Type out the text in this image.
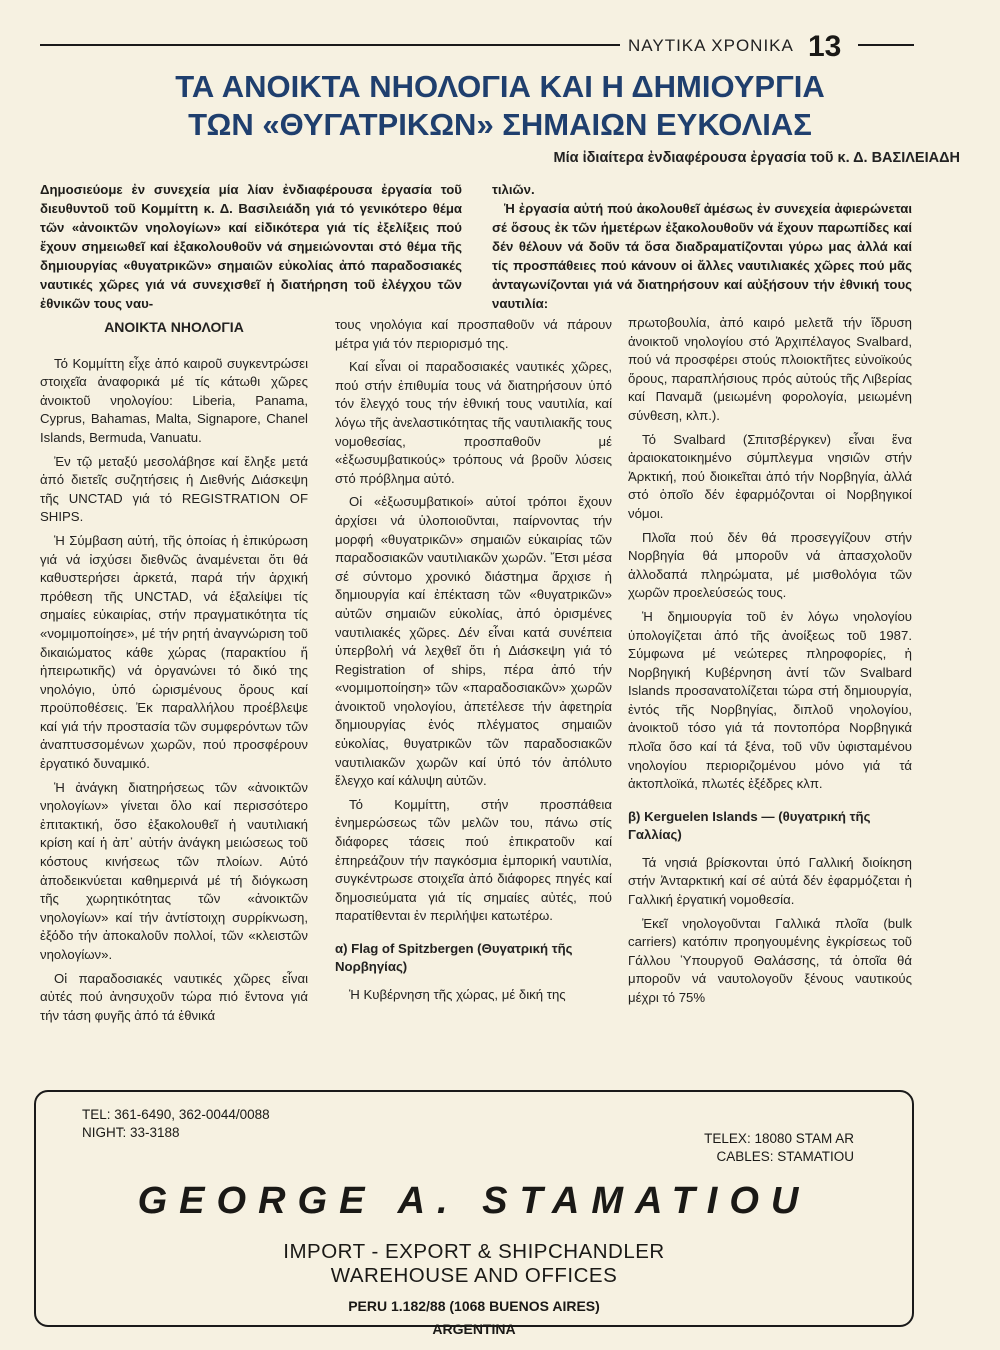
ΝΑΥΤΙΚΑ ΧΡΟΝΙΚΑ 13
ΤΑ ΑΝΟΙΚΤΑ ΝΗΟΛΟΓΙΑ ΚΑΙ Η ΔΗΜΙΟΥΡΓΙΑ
ΤΩΝ «ΘΥΓΑΤΡΙΚΩΝ» ΣΗΜΑΙΩΝ ΕΥΚΟΛΙΑΣ
Μία ἰδιαίτερα ἐνδιαφέρουσα ἐργασία τοῦ κ. Δ. ΒΑΣΙΛΕΙΑΔΗ

Δημοσιεύομε ἐν συνεχεία μία λίαν ἐνδιαφέρουσα ἐργασία τοῦ διευθυντοῦ τοῦ Κομμίττη κ. Δ. Βασιλειάδη γιά τό γενικότερο θέμα τῶν «ἀνοικτῶν νηολογίων» καί εἰδικότερα γιά τίς ἐξελίξεις πού ἔχουν σημειωθεῖ καί ἐξακολουθοῦν νά σημειώνονται στό θέμα τῆς δημιουργίας «θυγατρικῶν» σημαιῶν εὐκολίας ἀπό παραδοσιακές ναυτικές χῶρες γιά νά συνεχισθεῖ ἡ διατήρηση τοῦ ἐλέγχου τῶν ἐθνικῶν τους ναυ-

τιλιῶν.

Ἡ ἐργασία αὐτή πού ἀκολουθεῖ ἀμέσως ἐν συνεχεία ἀφιερώνεται σέ ὅσους ἐκ τῶν ἡμετέρων ἐξακολουθοῦν νά ἔχουν παρωπίδες καί δέν θέλουν νά δοῦν τά ὅσα διαδραματίζονται γύρω μας ἀλλά καί τίς προσπάθειες πού κάνουν οἱ ἄλλες ναυτιλιακές χῶρες πού μᾶς ἀνταγωνίζονται γιά νά διατηρήσουν καί αὐξήσουν τήν ἐθνική τους ναυτιλία:

ΑΝΟΙΚΤΑ ΝΗΟΛΟΓΙΑ

Τό Κομμίττη εἶχε ἀπό καιροῦ συγκεντρώσει στοιχεῖα ἀναφορικά μέ τίς κάτωθι χῶρες ἀνοικτοῦ νηολογίου: Liberia, Panama, Cyprus, Bahamas, Malta, Signapore, Chanel Islands, Bermuda, Vanuatu.

Ἐν τῷ μεταξύ μεσολάβησε καί ἔληξε μετά ἀπό διετεῖς συζητήσεις ἡ Διεθνής Διάσκεψη τῆς UNCTAD γιά τό REGISTRATION OF SHIPS.

Ἡ Σύμβαση αὐτή, τῆς ὁποίας ἡ ἐπικύρωση γιά νά ἰσχύσει διεθνῶς ἀναμένεται ὅτι θά καθυστερήσει ἀρκετά, παρά τήν ἀρχική πρόθεση τῆς UNCTAD, νά ἐξαλείψει τίς σημαίες εὐκαιρίας, στήν πραγματικότητα τίς «νομιμοποίησε», μέ τήν ρητή ἀναγνώριση τοῦ δικαιώματος κάθε χώρας (παρακτίου ἤ ἠπειρωτικῆς) νά ὀργανώνει τό δικό της νηολόγιο, ὑπό ὡρισμένους ὅρους καί προϋποθέσεις. Ἐκ παραλλήλου προέβλεψε καί γιά τήν προστασία τῶν συμφερόντων τῶν ἀναπτυσσομένων χωρῶν, πού προσφέρουν ἐργατικό δυναμικό.

Ἡ ἀνάγκη διατηρήσεως τῶν «ἀνοικτῶν νηολογίων» γίνεται ὅλο καί περισσότερο ἐπιτακτική, ὅσο ἐξακολουθεῖ ἡ ναυτιλιακή κρίση καί ἡ ἀπ᾽ αὐτήν ἀνάγκη μειώσεως τοῦ κόστους κινήσεως τῶν πλοίων. Αὐτό ἀποδεικνύεται καθημερινά μέ τή διόγκωση τῆς χωρητικότητας τῶν «ἀνοικτῶν νηολογίων» καί τήν ἀντίστοιχη συρρίκνωση, ἐξόδο τήν ἀποκαλοῦν πολλοί, τῶν «κλειστῶν νηολογίων».

Οἱ παραδοσιακές ναυτικές χῶρες εἶναι αὐτές πού ἀνησυχοῦν τώρα πιό ἔντονα γιά τήν τάση φυγῆς ἀπό τά ἐθνικά

τους νηολόγια καί προσπαθοῦν νά πάρουν μέτρα γιά τόν περιορισμό της.

Καί εἶναι οἱ παραδοσιακές ναυτικές χῶρες, πού στήν ἐπιθυμία τους νά διατηρήσουν ὑπό τόν ἔλεγχό τους τήν ἐθνική τους ναυτιλία, καί λόγω τῆς ἀνελαστικότητας τῆς ναυτιλιακῆς τους νομοθεσίας, προσπαθοῦν μέ «ἐξωσυμβατικούς» τρόπους νά βροῦν λύσεις στό πρόβλημα αὐτό.

Οἱ «ἐξωσυμβατικοί» αὐτοί τρόποι ἔχουν ἀρχίσει νά ὑλοποιοῦνται, παίρνοντας τήν μορφή «θυγατρικῶν» σημαιῶν εὐκαιρίας τῶν παραδοσιακῶν ναυτιλιακῶν χωρῶν. Ἔτσι μέσα σέ σύντομο χρονικό διάστημα ἄρχισε ἡ δημιουργία καί ἐπέκταση τῶν «θυγατρικῶν» αὐτῶν σημαιῶν εὐκολίας, ἀπό ὁρισμένες ναυτιλιακές χῶρες. Δέν εἶναι κατά συνέπεια ὑπερβολή νά λεχθεῖ ὅτι ἡ Διάσκεψη γιά τό Registration of ships, πέρα ἀπό τήν «νομιμοποίηση» τῶν «παραδοσιακῶν» χωρῶν ἀνοικτοῦ νηολογίου, ἀπετέλεσε τήν ἀφετηρία δημιουργίας ἑνός πλέγματος σημαιῶν εὐκολίας, θυγατρικῶν τῶν παραδοσιακῶν ναυτιλιακῶν χωρῶν καί ὑπό τόν ἀπόλυτο ἔλεγχο καί κάλυψη αὐτῶν.

Τό Κομμίττη, στήν προσπάθεια ἐνημερώσεως τῶν μελῶν του, πάνω στίς διάφορες τάσεις πού ἐπικρατοῦν καί ἐπηρεάζουν τήν παγκόσμια ἐμπορική ναυτιλία, συγκέντρωσε στοιχεῖα ἀπό διάφορες πηγές καί δημοσιεύματα γιά τίς σημαίες αὐτές, πού παρατίθενται ἐν περιλήψει κατωτέρω.

α) Flag of Spitzbergen (Θυγατρική τῆς Νορβηγίας)

Ἡ Κυβέρνηση τῆς χώρας, μέ δική της

πρωτοβουλία, ἀπό καιρό μελετᾶ τήν ἵδρυση ἀνοικτοῦ νηολογίου στό Ἀρχιπέλαγος Svalbard, πού νά προσφέρει στούς πλοιοκτῆτες εὐνοϊκούς ὅρους, παραπλήσιους πρός αὐτούς τῆς Λιβερίας καί Παναμᾶ (μειωμένη φορολογία, μειωμένη σύνθεση, κλπ.).

Τό Svalbard (Σπιτσβέργκεν) εἶναι ἕνα ἀραιοκατοικημένο σύμπλεγμα νησιῶν στήν Ἀρκτική, πού διοικεῖται ἀπό τήν Νορβηγία, ἀλλά στό ὁποῖο δέν ἐφαρμόζονται οἱ Νορβηγικοί νόμοι.

Πλοῖα πού δέν θά προσεγγίζουν στήν Νορβηγία θά μποροῦν νά ἀπασχολοῦν ἀλλοδαπά πληρώματα, μέ μισθολόγια τῶν χωρῶν προελεύσεώς τους.

Ἡ δημιουργία τοῦ ἐν λόγω νηολογίου ὑπολογίζεται ἀπό τῆς ἀνοίξεως τοῦ 1987. Σύμφωνα μέ νεώτερες πληροφορίες, ἡ Νορβηγική Κυβέρνηση ἀντί τῶν Svalbard Islands προσανατολίζεται τώρα στή δημιουργία, ἐντός τῆς Νορβηγίας, διπλοῦ νηολογίου, ἀνοικτοῦ τόσο γιά τά ποντοπόρα Νορβηγικά πλοῖα ὅσο καί τά ξένα, τοῦ νῦν ὑφισταμένου νηολογίου περιοριζομένου μόνο γιά τά ἀκτοπλοϊκά, πλωτές ἐξέδρες κλπ.

β) Kerguelen Islands — (θυγατρική τῆς Γαλλίας)

Τά νησιά βρίσκονται ὑπό Γαλλική διοίκηση στήν Ἀνταρκτική καί σέ αὐτά δέν ἐφαρμόζεται ἡ Γαλλική ἐργατική νομοθεσία.

Ἐκεῖ νηολογοῦνται Γαλλικά πλοῖα (bulk carriers) κατόπιν προηγουμένης ἐγκρίσεως τοῦ Γάλλου Ὑπουργοῦ Θαλάσσης, τά ὁποῖα θά μποροῦν νά ναυτολογοῦν ξένους ναυτικούς μέχρι τό 75%

TEL: 361-6490, 362-0044/0088
NIGHT: 33-3188	TELEX: 18080 STAM AR
CABLES: STAMATIOU
GEORGE A. STAMATIOU
IMPORT - EXPORT & SHIPCHANDLER
WAREHOUSE AND OFFICES
PERU 1.182/88 (1068 BUENOS AIRES)
ARGENTINA
